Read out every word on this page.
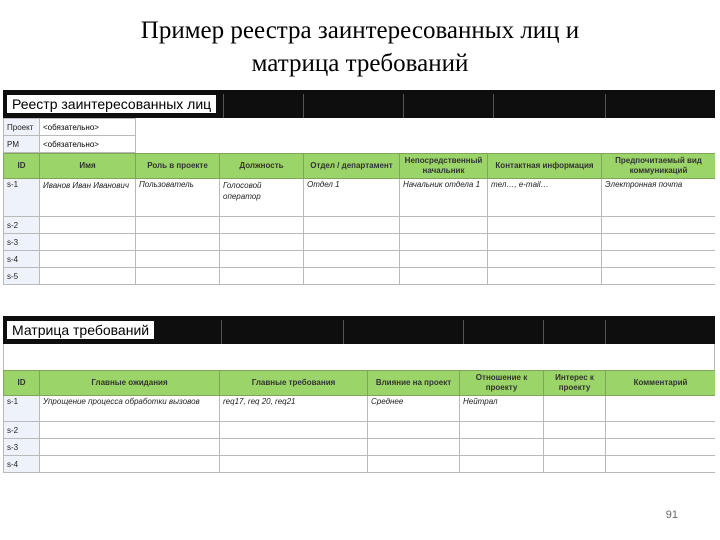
Пример реестра заинтересованных лиц и
матрица требований
Реестр заинтересованных лиц
Проект	<обязательно>
PM	<обязательно>
ID	Имя	Роль в проекте	Должность	Отдел / департамент	Непосредственный начальник	Контактная информация	Предпочитаемый вид коммуникаций
s-1	Иванов Иван Иванович	Пользователь	Голосовой оператор	Отдел 1	Начальник отдела 1	тел…, e-mail…	Электронная почта
s-2							
s-3							
s-4							
s-5							
Матрица требований
ID	Главные ожидания	Главные требования	Влияние на проект	Отношение к проекту	Интерес к проекту	Комментарий
s-1	Упрощение процесса обработки вызовов	req17, req 20, req21	Среднее	Нейтрал		
s-2						
s-3						
s-4						
91
